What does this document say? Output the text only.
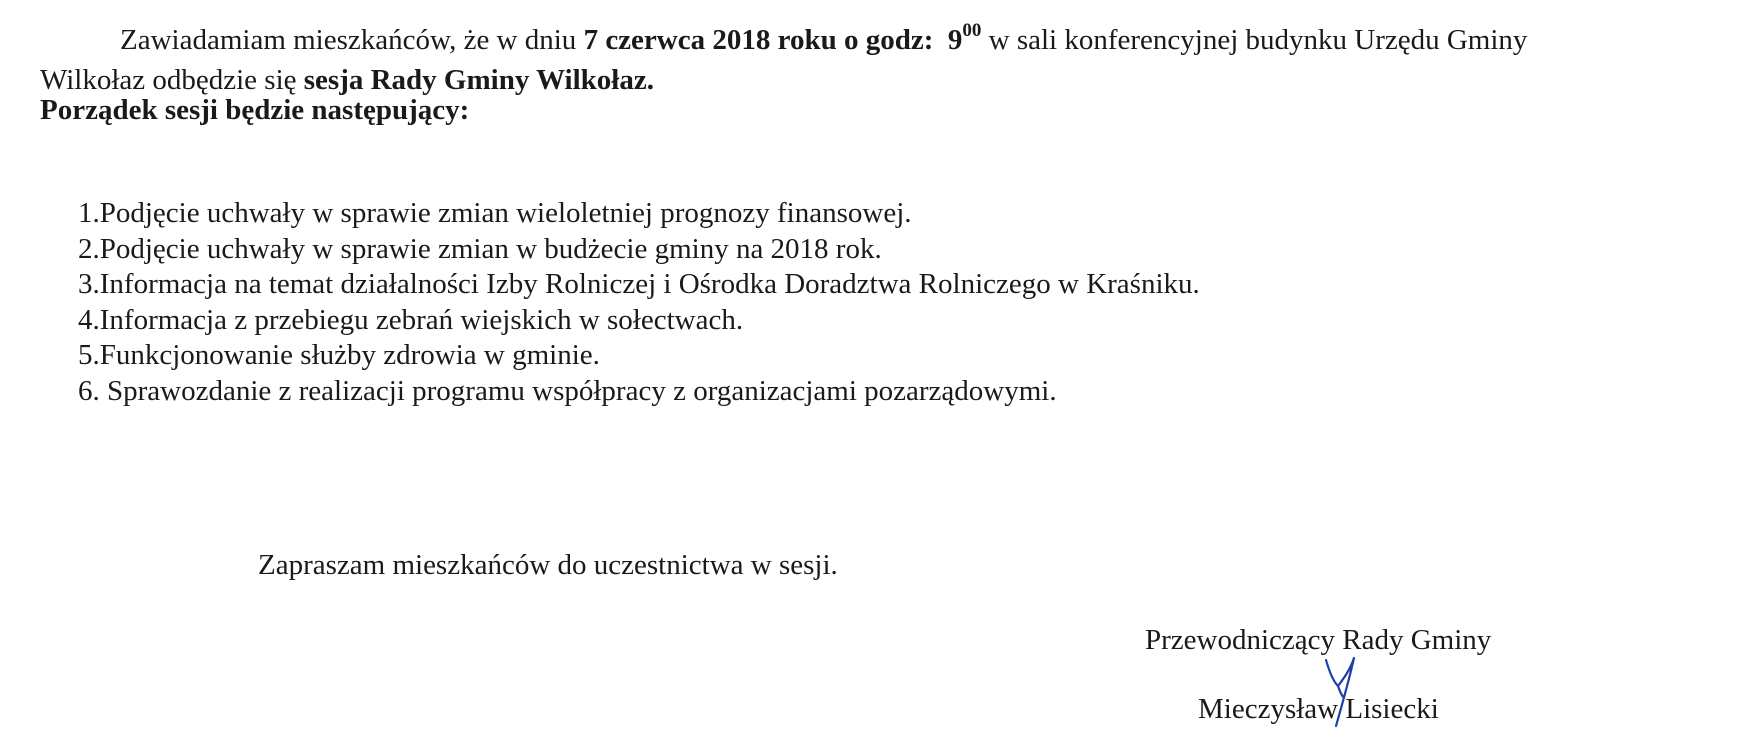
Zawiadamiam mieszkańców, że w dniu 7 czerwca 2018 roku o godz: $9^{00}$ w sali konferencyjnej budynku Urzędu Gminy
Wilkołaz odbędzie się sesja Rady Gminy Wilkołaz.
Porządek sesji będzie następujący:
1.Podjęcie uchwały w sprawie zmian wieloletniej prognozy finansowej.
2.Podjęcie uchwały w sprawie zmian w budżecie gminy na 2018 rok.
3.Informacja na temat działalności Izby Rolniczej i Ośrodka Doradztwa Rolniczego w Kraśniku.
4.Informacja z przebiegu zebrań wiejskich w sołectwach.
5.Funkcjonowanie służby zdrowia w gminie.
6. Sprawozdanie z realizacji programu współpracy z organizacjami pozarządowymi.
Zapraszam mieszkańców do uczestnictwa w sesji.
Przewodniczący Rady Gminy
Mieczysław Lisiecki
